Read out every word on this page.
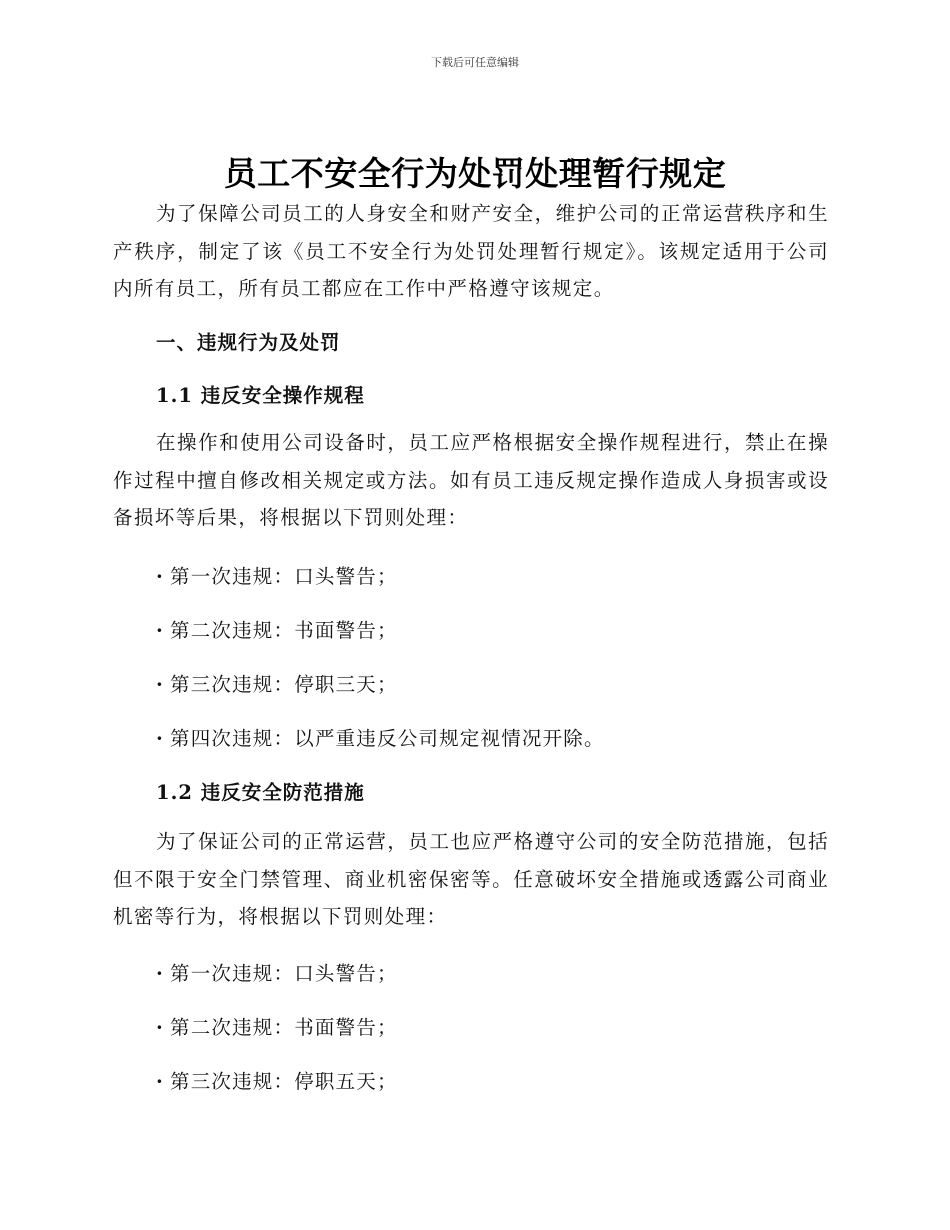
下载后可任意编辑
员工不安全行为处罚处理暂行规定
为了保障公司员工的人身安全和财产安全，维护公司的正常运营秩序和生产秩序，制定了该《员工不安全行为处罚处理暂行规定》。该规定适用于公司内所有员工，所有员工都应在工作中严格遵守该规定。
一、违规行为及处罚
1.1 违反安全操作规程
在操作和使用公司设备时，员工应严格根据安全操作规程进行，禁止在操作过程中擅自修改相关规定或方法。如有员工违反规定操作造成人身损害或设备损坏等后果，将根据以下罚则处理：
· 第一次违规：口头警告；
· 第二次违规：书面警告；
· 第三次违规：停职三天；
· 第四次违规：以严重违反公司规定视情况开除。
1.2 违反安全防范措施
为了保证公司的正常运营，员工也应严格遵守公司的安全防范措施，包括但不限于安全门禁管理、商业机密保密等。任意破坏安全措施或透露公司商业机密等行为，将根据以下罚则处理：
· 第一次违规：口头警告；
· 第二次违规：书面警告；
· 第三次违规：停职五天；
